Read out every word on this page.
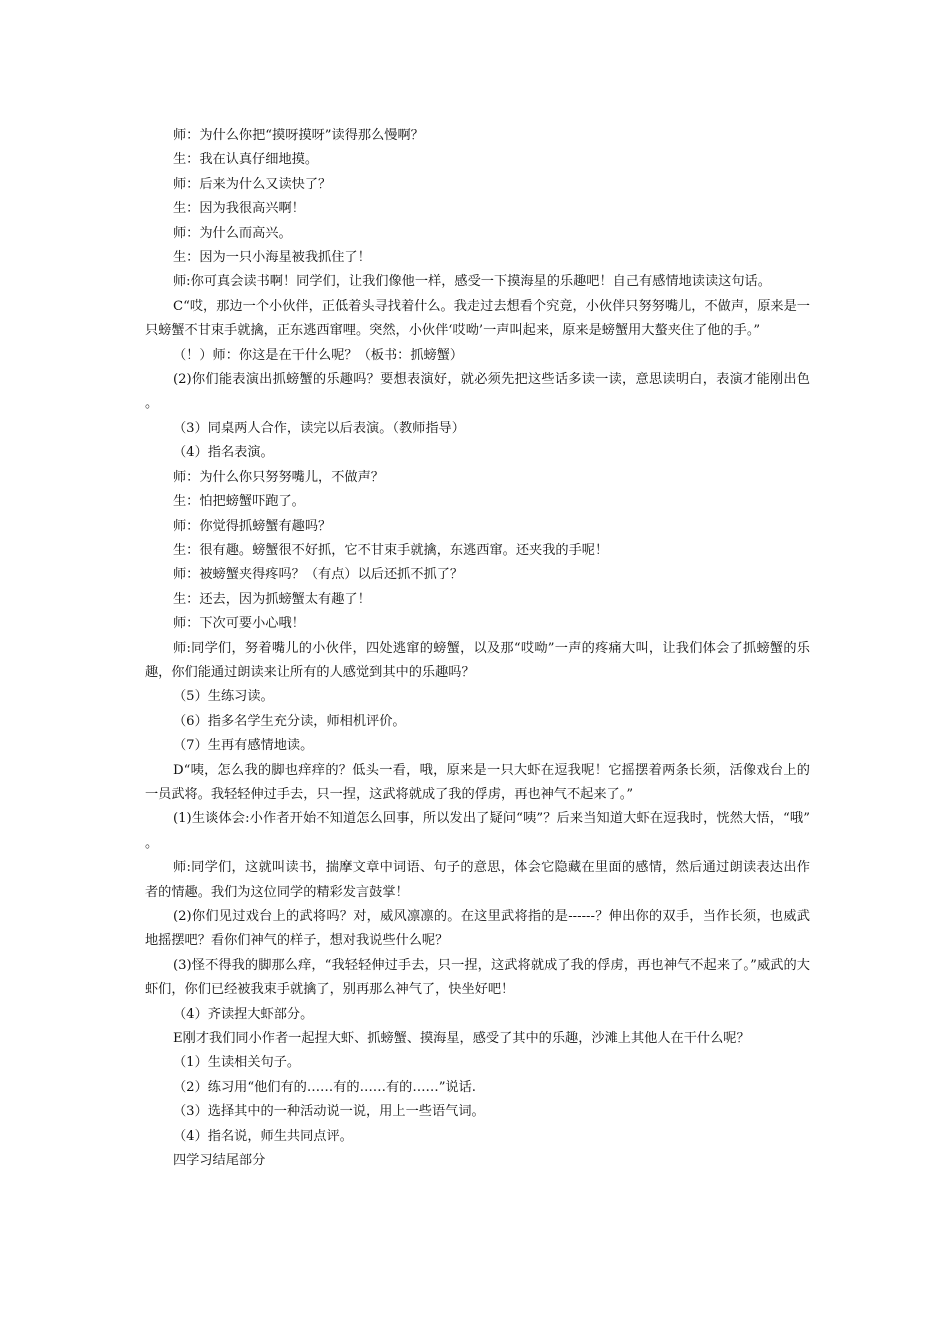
师：为什么你把“摸呀摸呀”读得那么慢啊？

生：我在认真仔细地摸。

师：后来为什么又读快了？

生：因为我很高兴啊！

师：为什么而高兴。

生：因为一只小海星被我抓住了！

师:你可真会读书啊！同学们，让我们像他一样，感受一下摸海星的乐趣吧！自己有感情地读读这句话。

C“哎，那边一个小伙伴，正低着头寻找着什么。我走过去想看个究竟，小伙伴只努努嘴儿，不做声，原来是一只螃蟹不甘束手就擒，正东逃西窜哩。突然，小伙伴‘哎呦’一声叫起来，原来是螃蟹用大螯夹住了他的手。”

（！）师：你这是在干什么呢？（板书：抓螃蟹）

(2)你们能表演出抓螃蟹的乐趣吗？要想表演好，就必须先把这些话多读一读，意思读明白，表演才能刚出色。

（3）同桌两人合作，读完以后表演。（教师指导）

（4）指名表演。

师：为什么你只努努嘴儿，不做声？

生：怕把螃蟹吓跑了。

师：你觉得抓螃蟹有趣吗？

生：很有趣。螃蟹很不好抓，它不甘束手就擒，东逃西窜。还夹我的手呢！

师：被螃蟹夹得疼吗？（有点）以后还抓不抓了？

生：还去，因为抓螃蟹太有趣了！

师：下次可要小心哦！

师:同学们，努着嘴儿的小伙伴，四处逃窜的螃蟹，以及那“哎呦”一声的疼痛大叫，让我们体会了抓螃蟹的乐趣，你们能通过朗读来让所有的人感觉到其中的乐趣吗？

（5）生练习读。

（6）指多名学生充分读，师相机评价。

（7）生再有感情地读。

D“咦，怎么我的脚也痒痒的？低头一看，哦，原来是一只大虾在逗我呢！它摇摆着两条长须，活像戏台上的一员武将。我轻轻伸过手去，只一捏，这武将就成了我的俘虏，再也神气不起来了。”

(1)生谈体会:小作者开始不知道怎么回事，所以发出了疑问“咦”？后来当知道大虾在逗我时，恍然大悟，“哦”。

师:同学们，这就叫读书，揣摩文章中词语、句子的意思，体会它隐藏在里面的感情，然后通过朗读表达出作者的情趣。我们为这位同学的精彩发言鼓掌！

(2)你们见过戏台上的武将吗？对，威风凛凛的。在这里武将指的是------？伸出你的双手，当作长须，也威武地摇摆吧？看你们神气的样子，想对我说些什么呢？

(3)怪不得我的脚那么痒，“我轻轻伸过手去，只一捏，这武将就成了我的俘虏，再也神气不起来了。”威武的大虾们，你们已经被我束手就擒了，别再那么神气了，快坐好吧！

（4）齐读捏大虾部分。

E刚才我们同小作者一起捏大虾、抓螃蟹、摸海星，感受了其中的乐趣，沙滩上其他人在干什么呢？

（1）生读相关句子。

（2）练习用“他们有的……有的……有的……”说话.

（3）选择其中的一种活动说一说，用上一些语气词。

（4）指名说，师生共同点评。

四学习结尾部分
